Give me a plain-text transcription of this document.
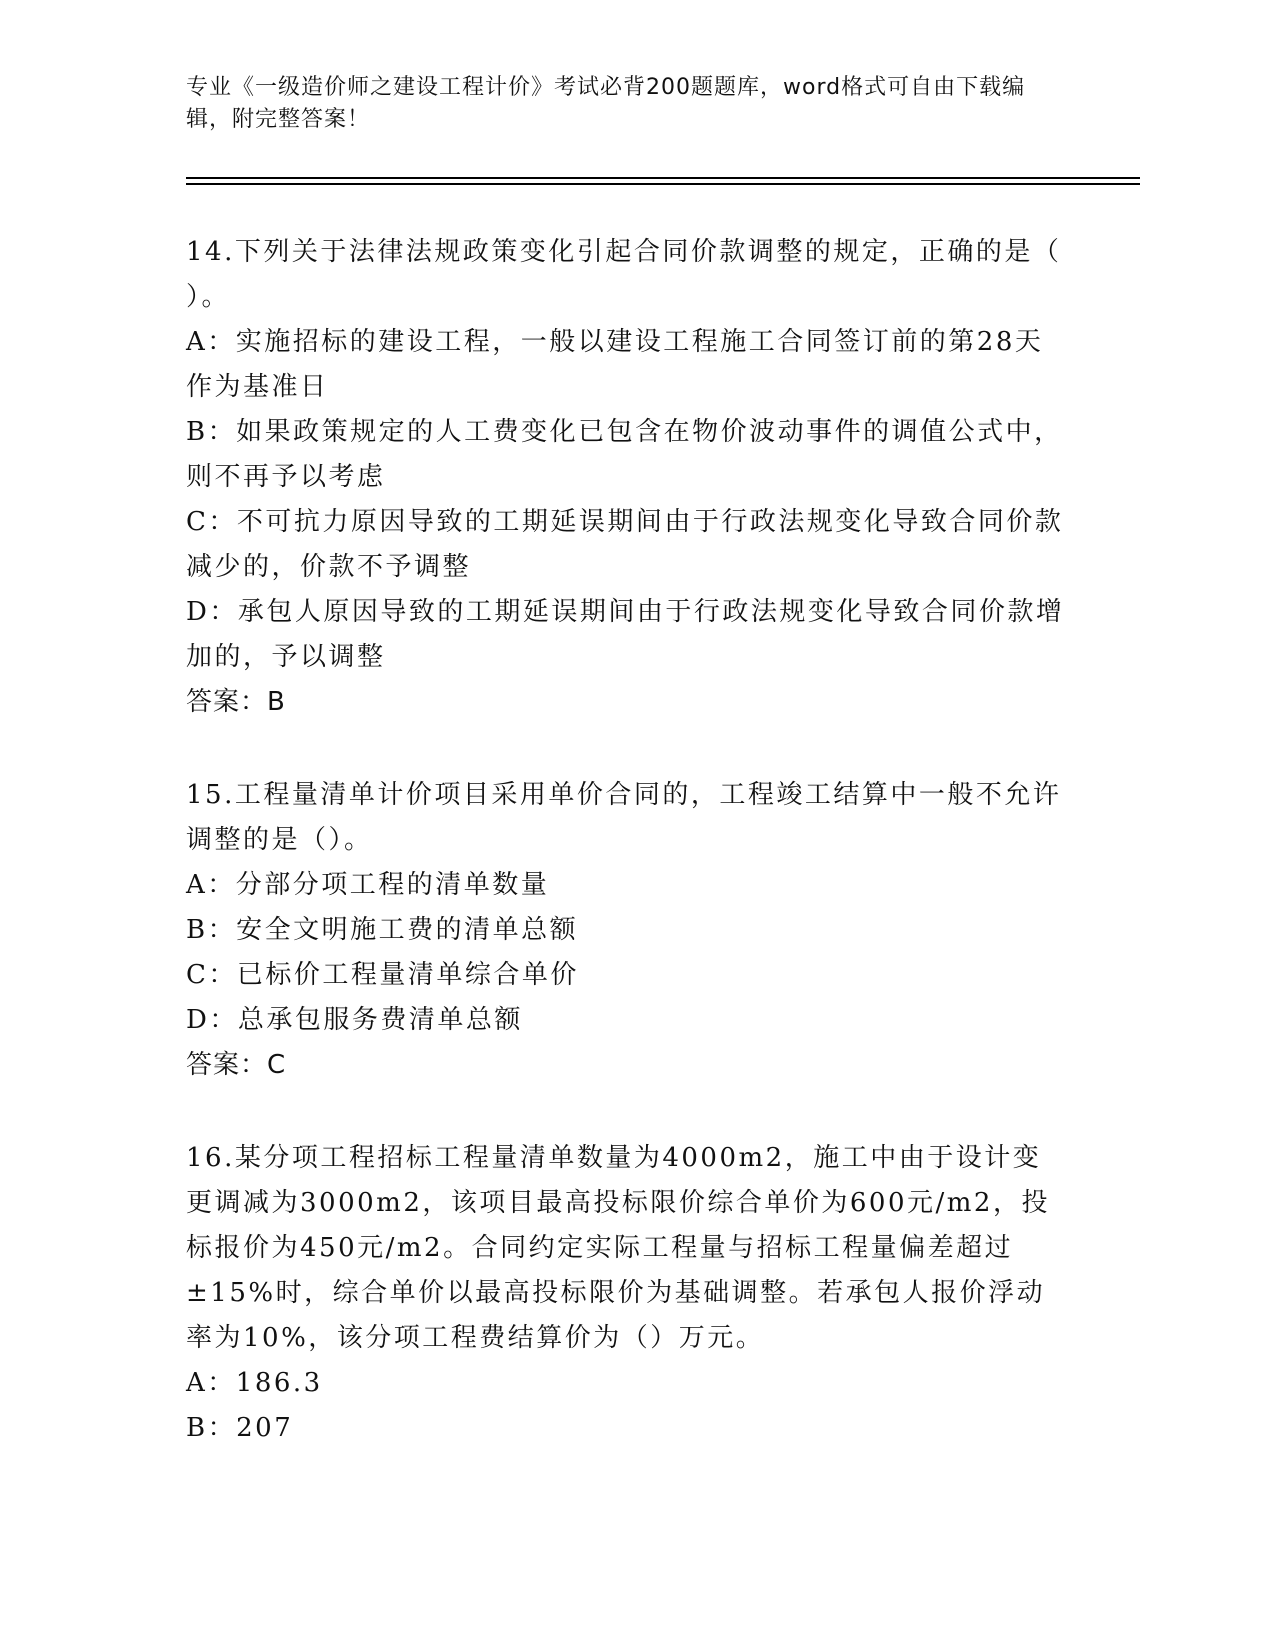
专业《一级造价师之建设工程计价》考试必背200题题库，word格式可自由下载编辑，附完整答案！

14.下列关于法律法规政策变化引起合同价款调整的规定，正确的是（ ）。

A：实施招标的建设工程，一般以建设工程施工合同签订前的第28天作为基准日

B：如果政策规定的人工费变化已包含在物价波动事件的调值公式中，则不再予以考虑

C：不可抗力原因导致的工期延误期间由于行政法规变化导致合同价款减少的，价款不予调整

D：承包人原因导致的工期延误期间由于行政法规变化导致合同价款增加的，予以调整

答案：B

15.工程量清单计价项目采用单价合同的，工程竣工结算中一般不允许调整的是（）。

A：分部分项工程的清单数量

B：安全文明施工费的清单总额

C：已标价工程量清单综合单价

D：总承包服务费清单总额

答案：C

16.某分项工程招标工程量清单数量为4000m2，施工中由于设计变更调减为3000m2，该项目最高投标限价综合单价为600元/m2，投标报价为450元/m2。合同约定实际工程量与招标工程量偏差超过±15%时，综合单价以最高投标限价为基础调整。若承包人报价浮动率为10%，该分项工程费结算价为（）万元。

A：186.3

B：207
